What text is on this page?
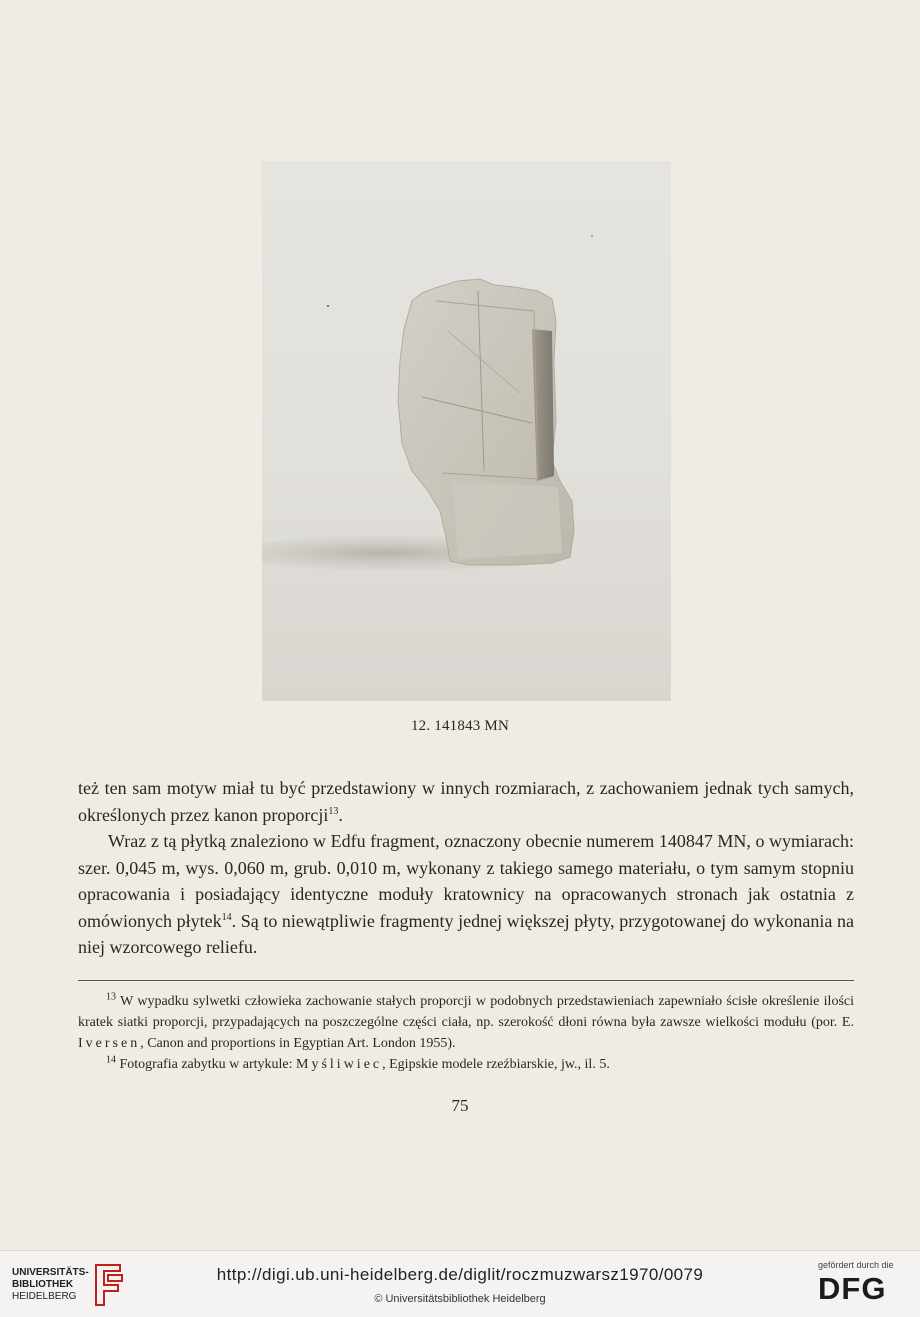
12. 141843 MN

też ten sam motyw miał tu być przedstawiony w innych rozmiarach, z zachowaniem jednak tych samych, określonych przez kanon proporcji$^{13}$.

Wraz z tą płytką znaleziono w Edfu fragment, oznaczony obecnie numerem 140847 MN, o wymiarach: szer. 0,045 m, wys. 0,060 m, grub. 0,010 m, wykonany z takiego samego materiału, o tym samym stopniu opracowania i posiadający identyczne moduły kratownicy na opracowanych stronach jak ostatnia z omówionych płytek$^{14}$. Są to niewątpliwie fragmenty jednej większej płyty, przygotowanej do wykonania na niej wzorcowego reliefu.

$^{13}$ W wypadku sylwetki człowieka zachowanie stałych proporcji w podobnych przedstawieniach zapewniało ścisłe określenie ilości kratek siatki proporcji, przypadających na poszczególne części ciała, np. szerokość dłoni równa była zawsze wielkości modułu (por. E. Iversen, Canon and proportions in Egyptian Art. London 1955).

$^{14}$ Fotografia zabytku w artykule: Myśliwiec, Egipskie modele rzeźbiarskie, jw., il. 5.

75
UNIVERSITÄTS-
BIBLIOTHEK
HEIDELBERG
http://digi.ub.uni-heidelberg.de/diglit/roczmuzwarsz1970/0079
© Universitätsbibliothek Heidelberg
gefördert durch die
DFG
